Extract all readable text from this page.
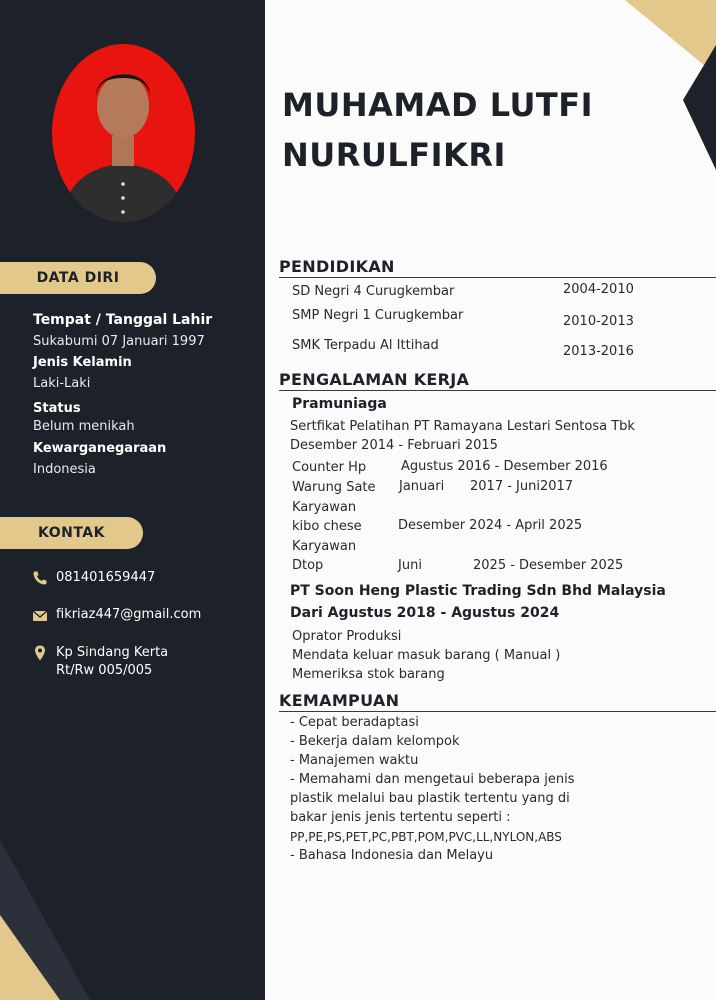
DATA DIRI
Tempat / Tanggal Lahir
Sukabumi 07 Januari 1997
Jenis Kelamin
Laki-Laki
Status
Belum menikah
Kewarganegaraan
Indonesia
KONTAK
081401659447
fikriaz447@gmail.com
Kp Sindang Kerta
Rt/Rw 005/005
MUHAMAD LUTFI
NURULFIKRI
PENDIDIKAN
SD Negri 4 Curugkembar	2004-2010
SMP Negri 1 Curugkembar	2010-2013
SMK Terpadu Al Ittihad	2013-2016
PENGALAMAN KERJA
Pramuniaga
Sertfikat Pelatihan PT Ramayana Lestari Sentosa Tbk
Desember 2014 - Februari 2015
Counter Hp	Agustus 2016 - Desember 2016
Warung Sate Januari 2017 - Juni2017
Karyawan
kibo chese	Desember 2024 - April 2025
Karyawan
Dtop	Juni	2025 - Desember 2025
PT Soon Heng Plastic Trading Sdn Bhd Malaysia
Dari Agustus 2018 - Agustus 2024
Oprator Produksi
Mendata keluar masuk barang ( Manual )
Memeriksa stok barang
KEMAMPUAN
- Cepat beradaptasi
- Bekerja dalam kelompok
- Manajemen waktu
- Memahami dan mengetaui beberapa jenis
plastik melalui bau plastik tertentu yang di
bakar jenis jenis tertentu seperti :
PP,PE,PS,PET,PC,PBT,POM,PVC,LL,NYLON,ABS
- Bahasa Indonesia dan Melayu
